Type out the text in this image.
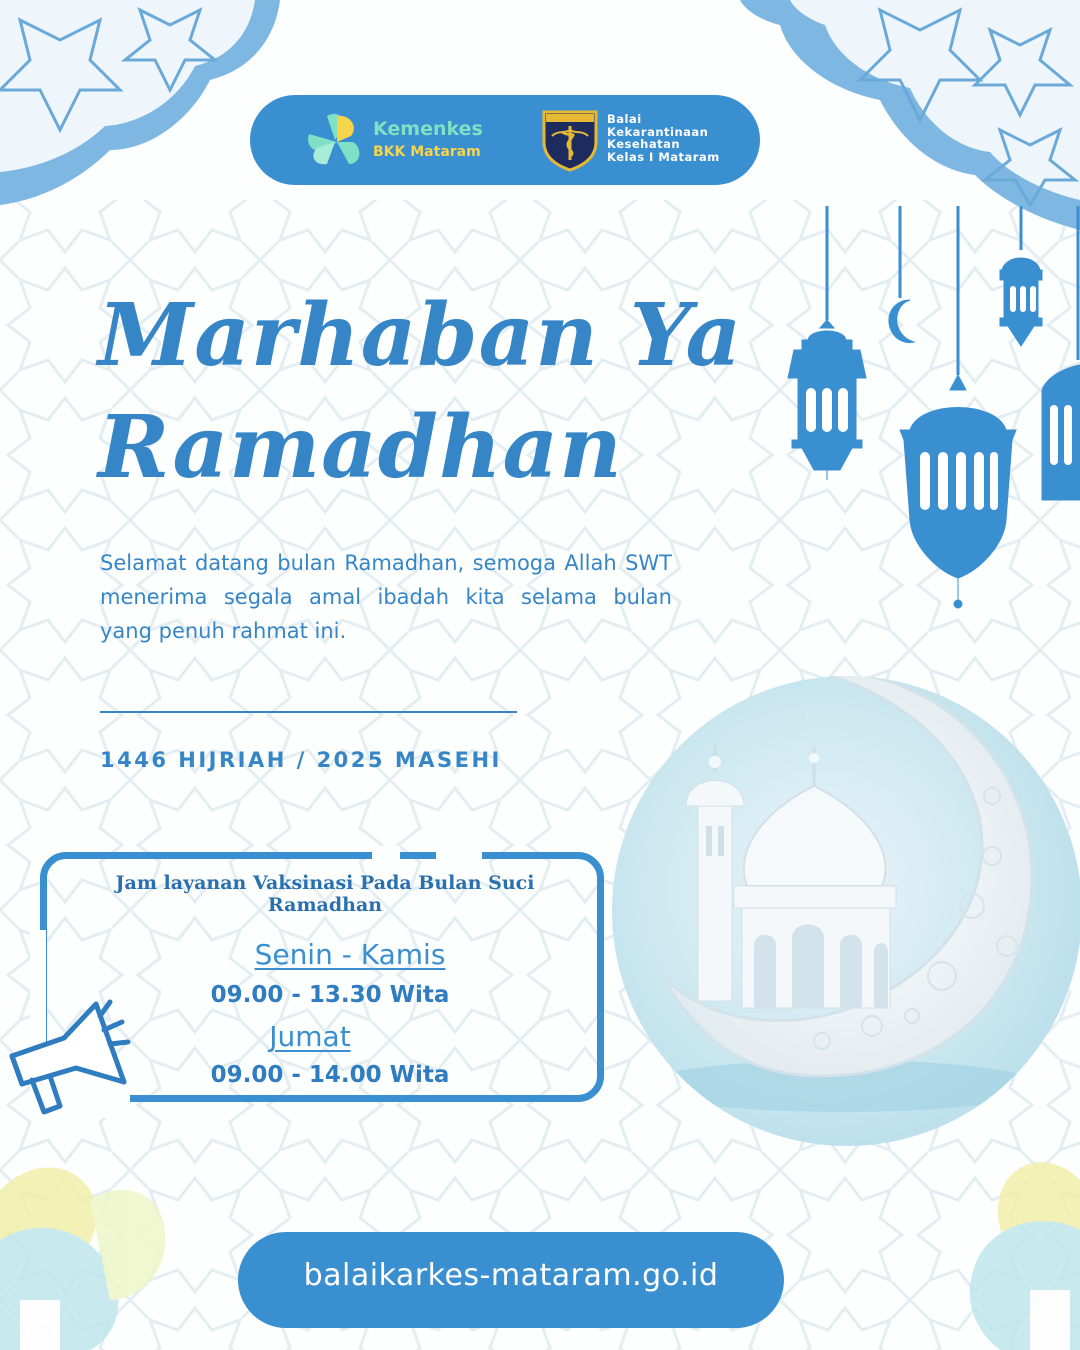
Kemenkes
BKK Mataram
Balai
Kekarantinaan
Kesehatan
Kelas I Mataram
Marhaban Ya
Ramadhan
Selamat datang bulan Ramadhan, semoga Allah SWT menerima segala amal ibadah kita selama bulan yang penuh rahmat ini.
1446 HIJRIAH / 2025 MASEHI
Jam layanan Vaksinasi Pada Bulan Suci Ramadhan
Senin - Kamis
09.00 - 13.30 Wita
Jumat
09.00 - 14.00 Wita
balaikarkes-mataram.go.id
